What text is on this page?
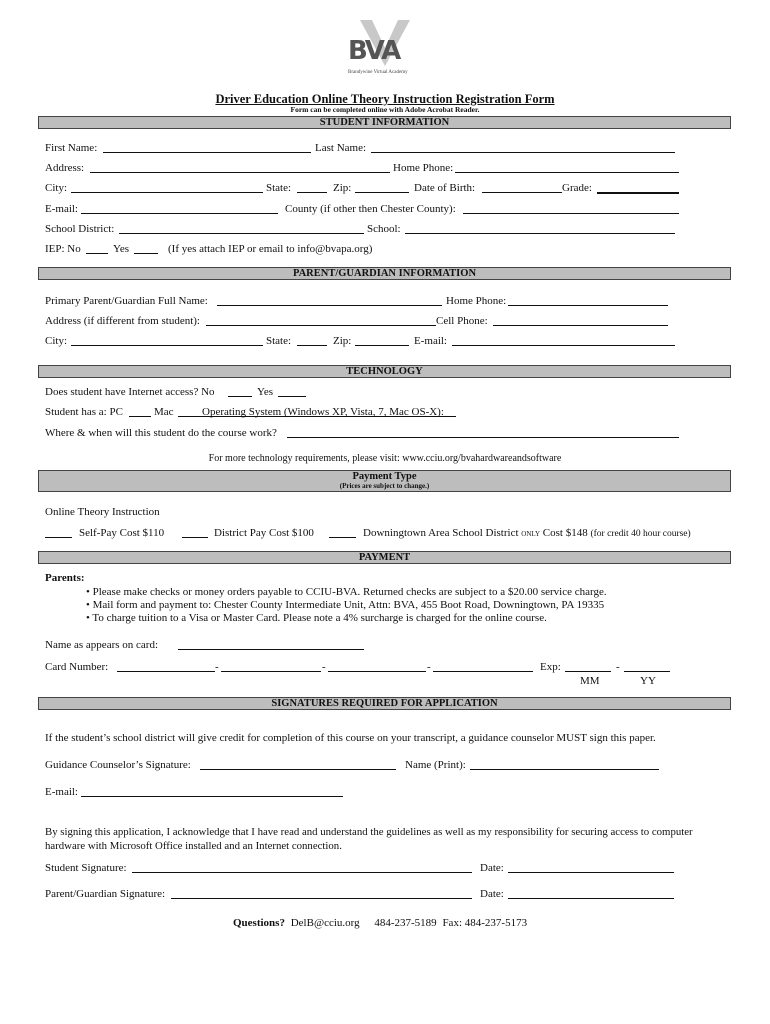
BVA
Brandywine Virtual Academy
Driver Education Online Theory Instruction Registration Form
Form can be completed online with Adobe Acrobat Reader.
STUDENT INFORMATION
First Name:	Last Name:
Address:	Home Phone:
City:	State:	Zip:	Date of Birth:	Grade:
E-mail:	County (if other then Chester County):
School District:	School:
IEP: No	Yes	(If yes attach IEP or email to info@bvapa.org)
PARENT/GUARDIAN INFORMATION
Primary Parent/Guardian Full Name:	Home Phone:
Address (if different from student):	Cell Phone:
City:	State:	Zip:	E-mail:
TECHNOLOGY
Does student have Internet access? No	Yes
Student has a: PC	Mac	Operating System (Windows XP, Vista, 7, Mac OS-X):
Where & when will this student do the course work?
For more technology requirements, please visit: www.cciu.org/bvahardwareandsoftware
Payment Type
(Prices are subject to change.)
Online Theory Instruction
Self-Pay Cost $110	District Pay Cost $100	Downingtown Area School District ONLY Cost $148 (for credit 40 hour course)
PAYMENT
Parents:
• Please make checks or money orders payable to CCIU-BVA. Returned checks are subject to a $20.00 service charge.
• Mail form and payment to: Chester County Intermediate Unit, Attn: BVA, 455 Boot Road, Downingtown, PA 19335
• To charge tuition to a Visa or Master Card. Please note a 4% surcharge is charged for the online course.
Name as appears on card:
Card Number:	-	-	-	Exp:	-
MM	YY
SIGNATURES REQUIRED FOR APPLICATION
If the student’s school district will give credit for completion of this course on your transcript, a guidance counselor MUST sign this paper.
Guidance Counselor’s Signature:	Name (Print):
E-mail:
By signing this application, I acknowledge that I have read and understand the guidelines as well as my responsibility for securing access to computer
hardware with Microsoft Office installed and an Internet connection.
Student Signature:	Date:
Parent/Guardian Signature:	Date:
Questions? DelB@cciu.org 484-237-5189 Fax: 484-237-5173
